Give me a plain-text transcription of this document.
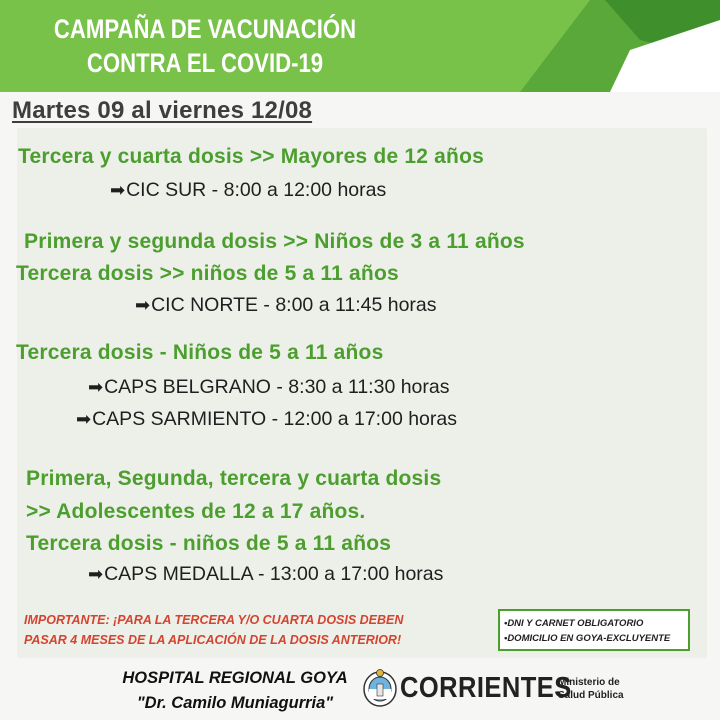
CAMPAÑA DE VACUNACIÓN
CONTRA EL COVID-19
Martes 09 al viernes 12/08
Tercera y cuarta dosis >> Mayores de 12 años
➡CIC SUR - 8:00 a 12:00 horas
Primera y segunda dosis >> Niños de 3 a 11 años
Tercera dosis >> niños de 5 a 11 años
➡CIC NORTE - 8:00 a 11:45 horas
Tercera dosis - Niños de 5 a 11 años
➡CAPS BELGRANO - 8:30 a 11:30 horas
➡CAPS SARMIENTO - 12:00 a 17:00 horas
Primera, Segunda, tercera y cuarta dosis
>> Adolescentes de 12 a 17 años.
Tercera dosis - niños de 5 a 11 años
➡CAPS MEDALLA - 13:00 a 17:00 horas
IMPORTANTE: ¡PARA LA TERCERA Y/O CUARTA DOSIS DEBEN
PASAR 4 MESES DE LA APLICACIÓN DE LA DOSIS ANTERIOR!
•DNI Y CARNET OBLIGATORIO
•DOMICILIO EN GOYA-EXCLUYENTE
HOSPITAL REGIONAL GOYA
"Dr. Camilo Muniagurria"	CORRIENTES
Ministerio de
Salud Pública
